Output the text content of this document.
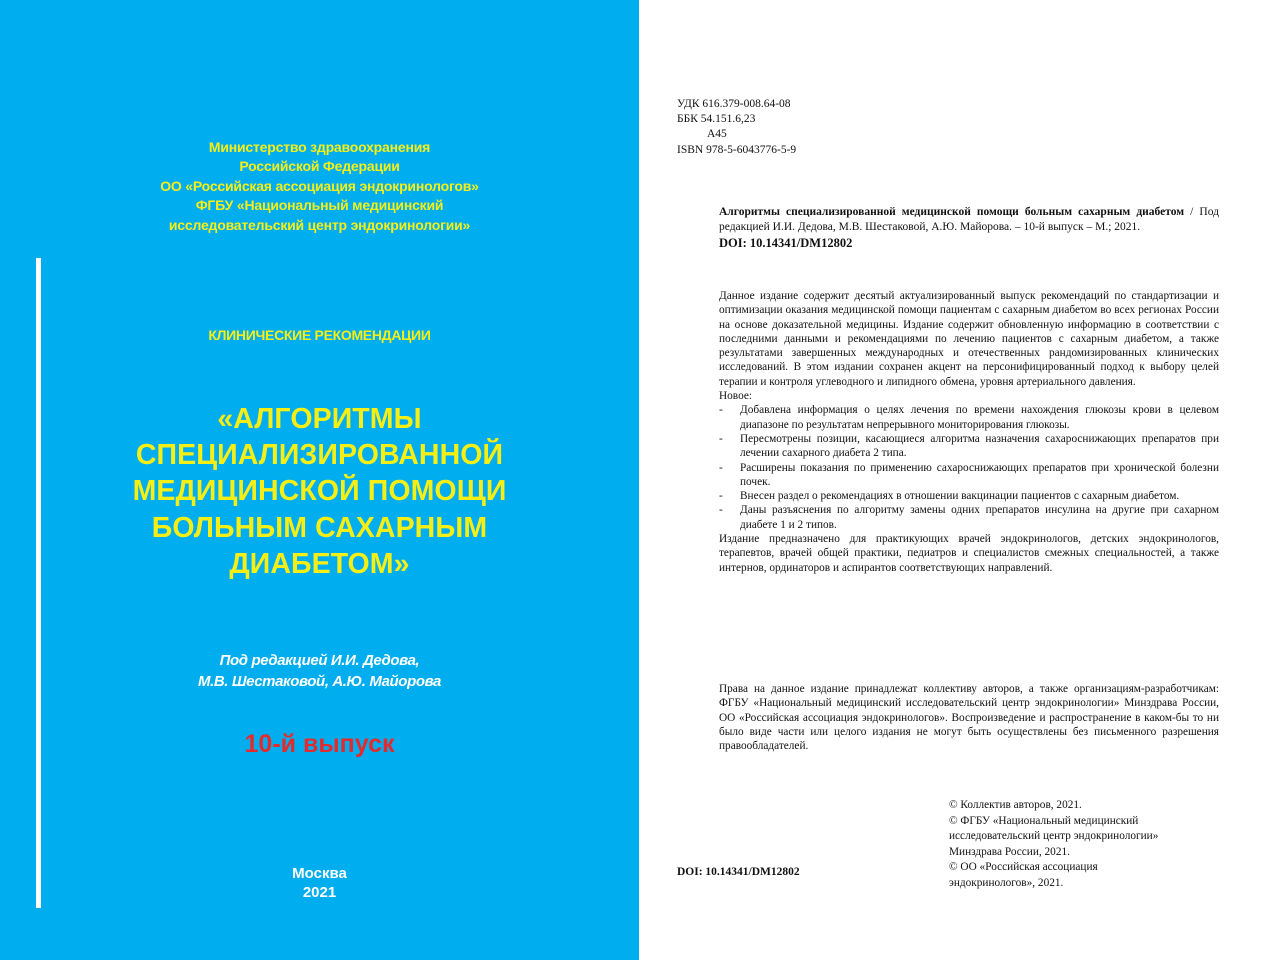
Министерство здравоохранения
Российской Федерации
ОО «Российская ассоциация эндокринологов»
ФГБУ «Национальный медицинский
исследовательский центр эндокринологии»
КЛИНИЧЕСКИЕ РЕКОМЕНДАЦИИ
«АЛГОРИТМЫ
СПЕЦИАЛИЗИРОВАННОЙ
МЕДИЦИНСКОЙ ПОМОЩИ
БОЛЬНЫМ САХАРНЫМ
ДИАБЕТОМ»
Под редакцией И.И. Дедова,
М.В. Шестаковой, А.Ю. Майорова
10-й выпуск
Москва
2021
УДК 616.379-008.64-08
ББК 54.151.6,23
А45
ISBN 978-5-6043776-5-9
Алгоритмы специализированной медицинской помощи больным сахарным диабетом / Под редакцией И.И. Дедова, М.В. Шестаковой, А.Ю. Майорова. – 10-й выпуск – М.; 2021.
DOI: 10.14341/DM12802

Данное издание содержит десятый актуализированный выпуск рекомендаций по стандартизации и оптимизации оказания медицинской помощи пациентам с сахарным диабетом во всех регионах России на основе доказательной медицины. Издание содержит обновленную информацию в соответствии с последними данными и рекомендациями по лечению пациентов с сахарным диабетом, а также результатами завершенных международных и отечественных рандомизированных клинических исследований. В этом издании сохранен акцент на персонифицированный подход к выбору целей терапии и контроля углеводного и липидного обмена, уровня артериального давления.

Новое:

- Добавлена информация о целях лечения по времени нахождения глюкозы крови в целевом диапазоне по результатам непрерывного мониторирования глюкозы.
- Пересмотрены позиции, касающиеся алгоритма назначения сахароснижающих препаратов при лечении сахарного диабета 2 типа.
- Расширены показания по применению сахароснижающих препаратов при хронической болезни почек.
- Внесен раздел о рекомендациях в отношении вакцинации пациентов с сахарным диабетом.
- Даны разъяснения по алгоритму замены одних препаратов инсулина на другие при сахарном диабете 1 и 2 типов.

Издание предназначено для практикующих врачей эндокринологов, детских эндокринологов, терапевтов, врачей общей практики, педиатров и специалистов смежных специальностей, а также интернов, ординаторов и аспирантов соответствующих направлений.

Права на данное издание принадлежат коллективу авторов, а также организациям-разработчикам: ФГБУ «Национальный медицинский исследовательский центр эндокринологии» Минздрава России, ОО «Российская ассоциация эндокринологов». Воспроизведение и распространение в каком-бы то ни было виде части или целого издания не могут быть осуществлены без письменного разрешения правообладателей.
© Коллектив авторов, 2021.
© ФГБУ «Национальный медицинский
исследовательский центр эндокринологии»
Минздрава России, 2021.
© ОО «Российская ассоциация
эндокринологов», 2021.
DOI: 10.14341/DM12802
